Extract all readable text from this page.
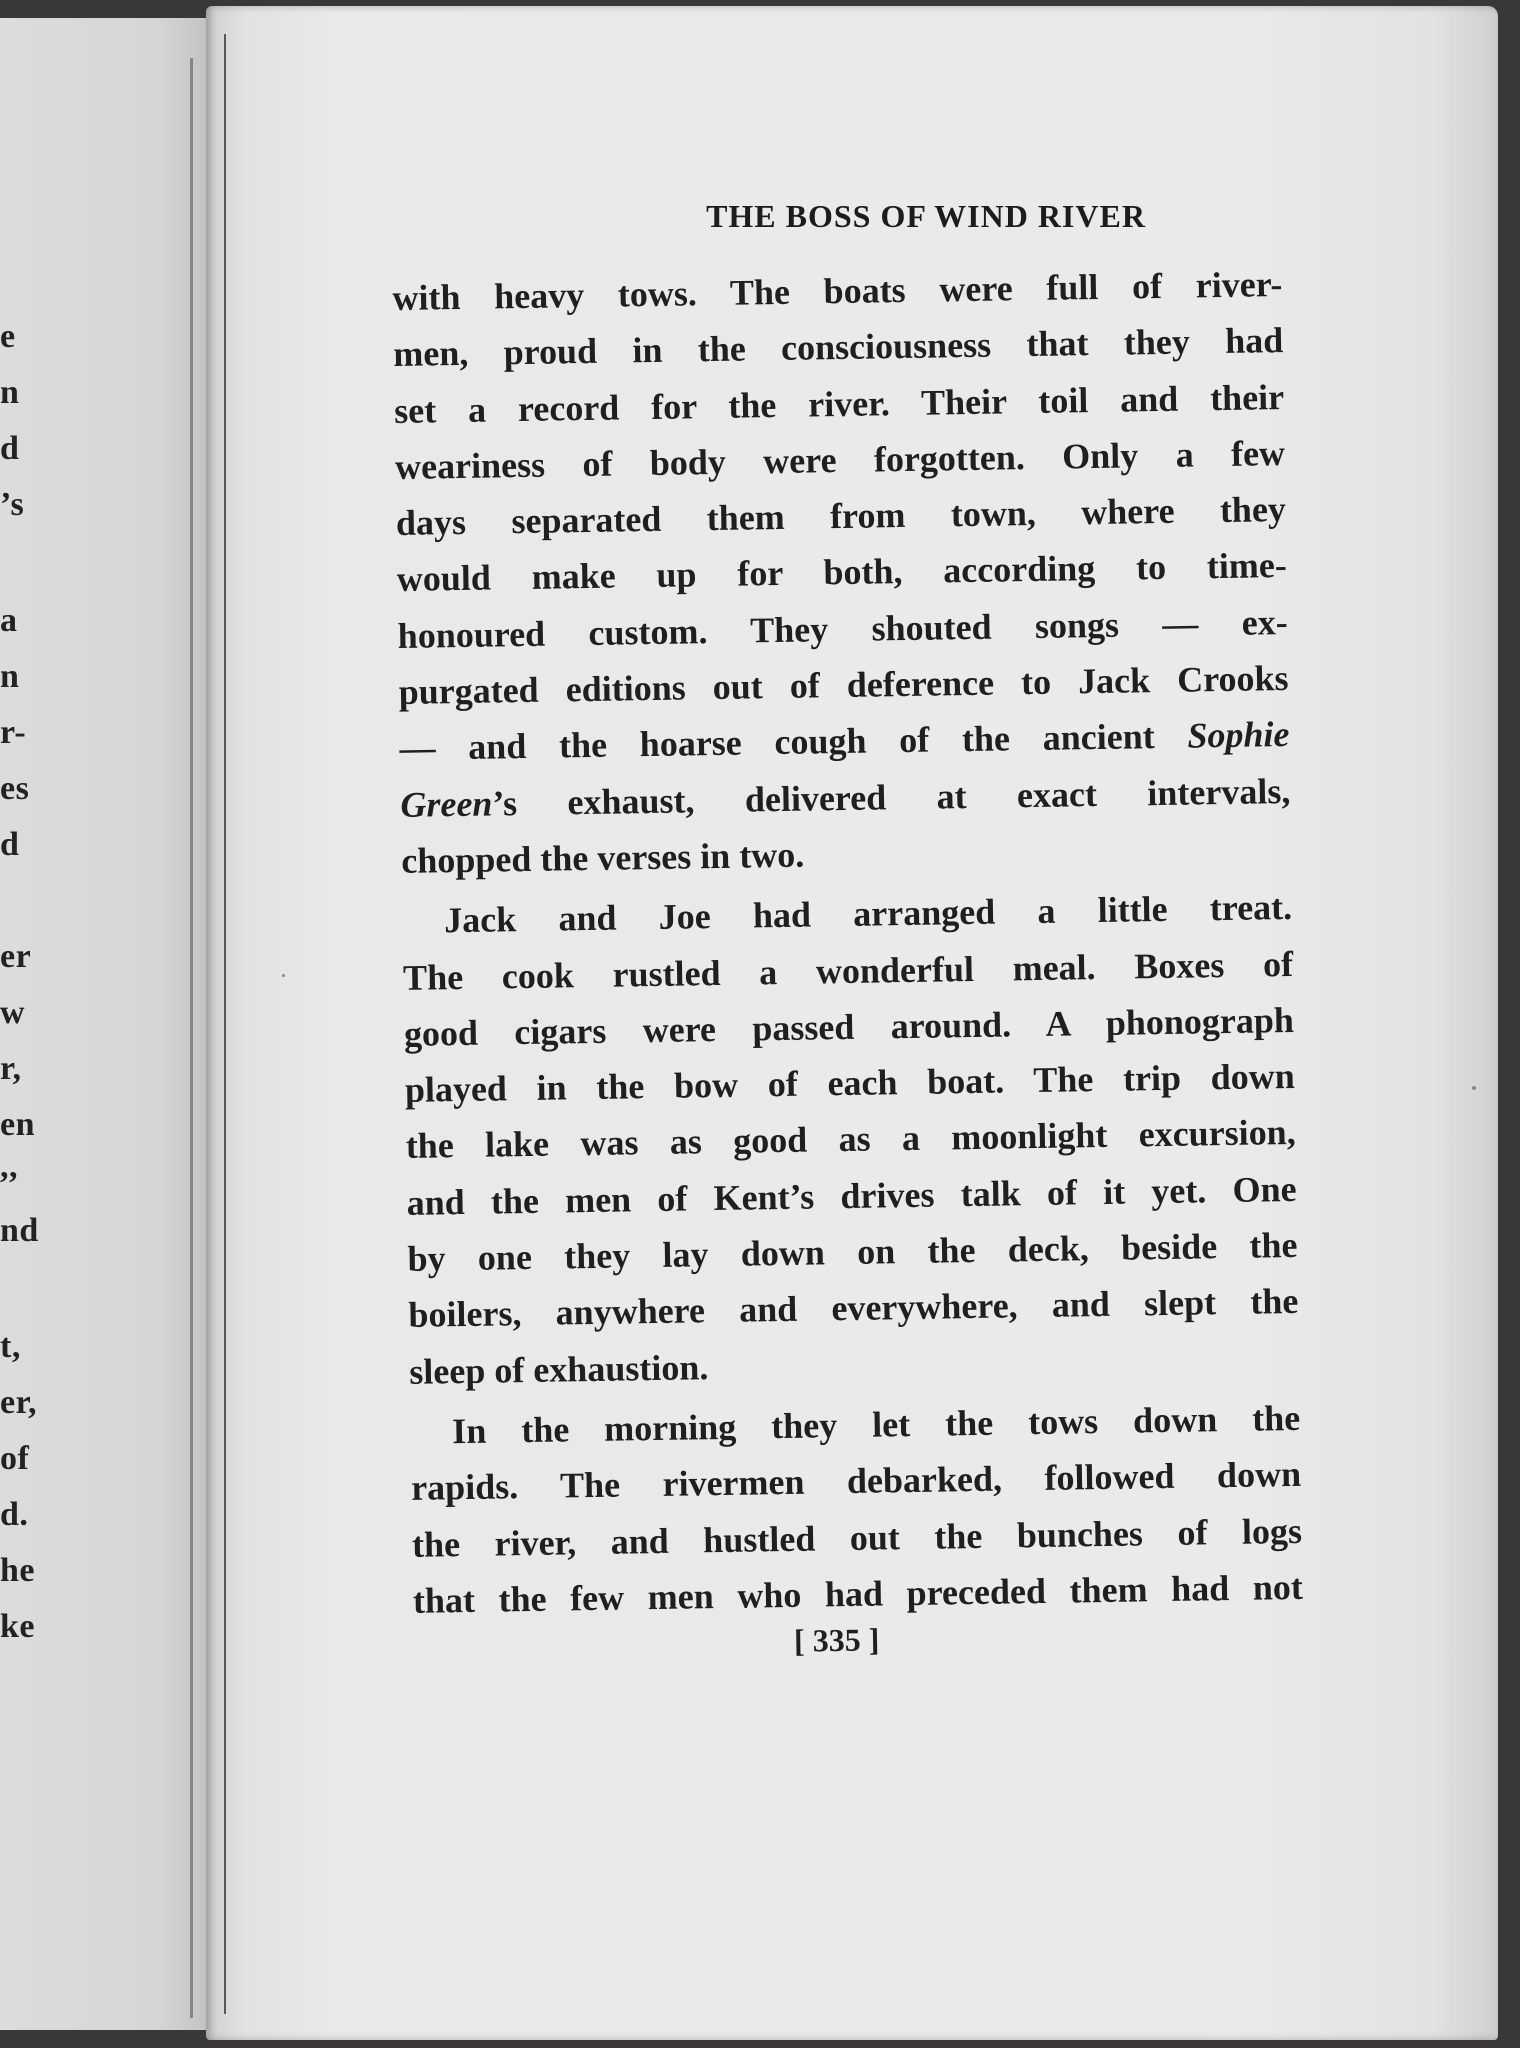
e
n
d
’s
a
n
r-
es
d
er
w
r,
en
,,
nd
t,
er,
of
d.
he
ke
THE BOSS OF WIND RIVER
with heavy tows. The boats were full of river-
men, proud in the consciousness that they had
set a record for the river. Their toil and their
weariness of body were forgotten. Only a few
days separated them from town, where they
would make up for both, according to time-
honoured custom. They shouted songs — ex-
purgated editions out of deference to Jack Crooks
— and the hoarse cough of the ancient Sophie
Green’s exhaust, delivered at exact intervals,
chopped the verses in two.
Jack and Joe had arranged a little treat.
The cook rustled a wonderful meal. Boxes of
good cigars were passed around. A phonograph
played in the bow of each boat. The trip down
the lake was as good as a moonlight excursion,
and the men of Kent’s drives talk of it yet. One
by one they lay down on the deck, beside the
boilers, anywhere and everywhere, and slept the
sleep of exhaustion.
In the morning they let the tows down the
rapids. The rivermen debarked, followed down
the river, and hustled out the bunches of logs
that the few men who had preceded them had not
[ 335 ]
